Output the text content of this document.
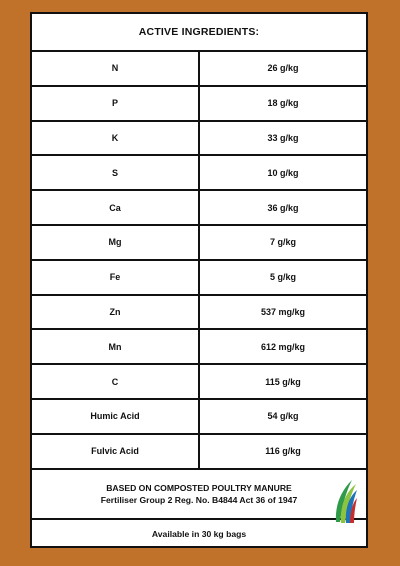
ACTIVE INGREDIENTS:
N	26 g/kg
P	18 g/kg
K	33 g/kg
S	10 g/kg
Ca	36 g/kg
Mg	7 g/kg
Fe	5 g/kg
Zn	537 mg/kg
Mn	612 mg/kg
C	115 g/kg
Humic Acid	54 g/kg
Fulvic Acid	116 g/kg
BASED ON COMPOSTED POULTRY MANURE
Fertiliser Group 2 Reg. No. B4844 Act 36 of 1947
Available in 30 kg bags
